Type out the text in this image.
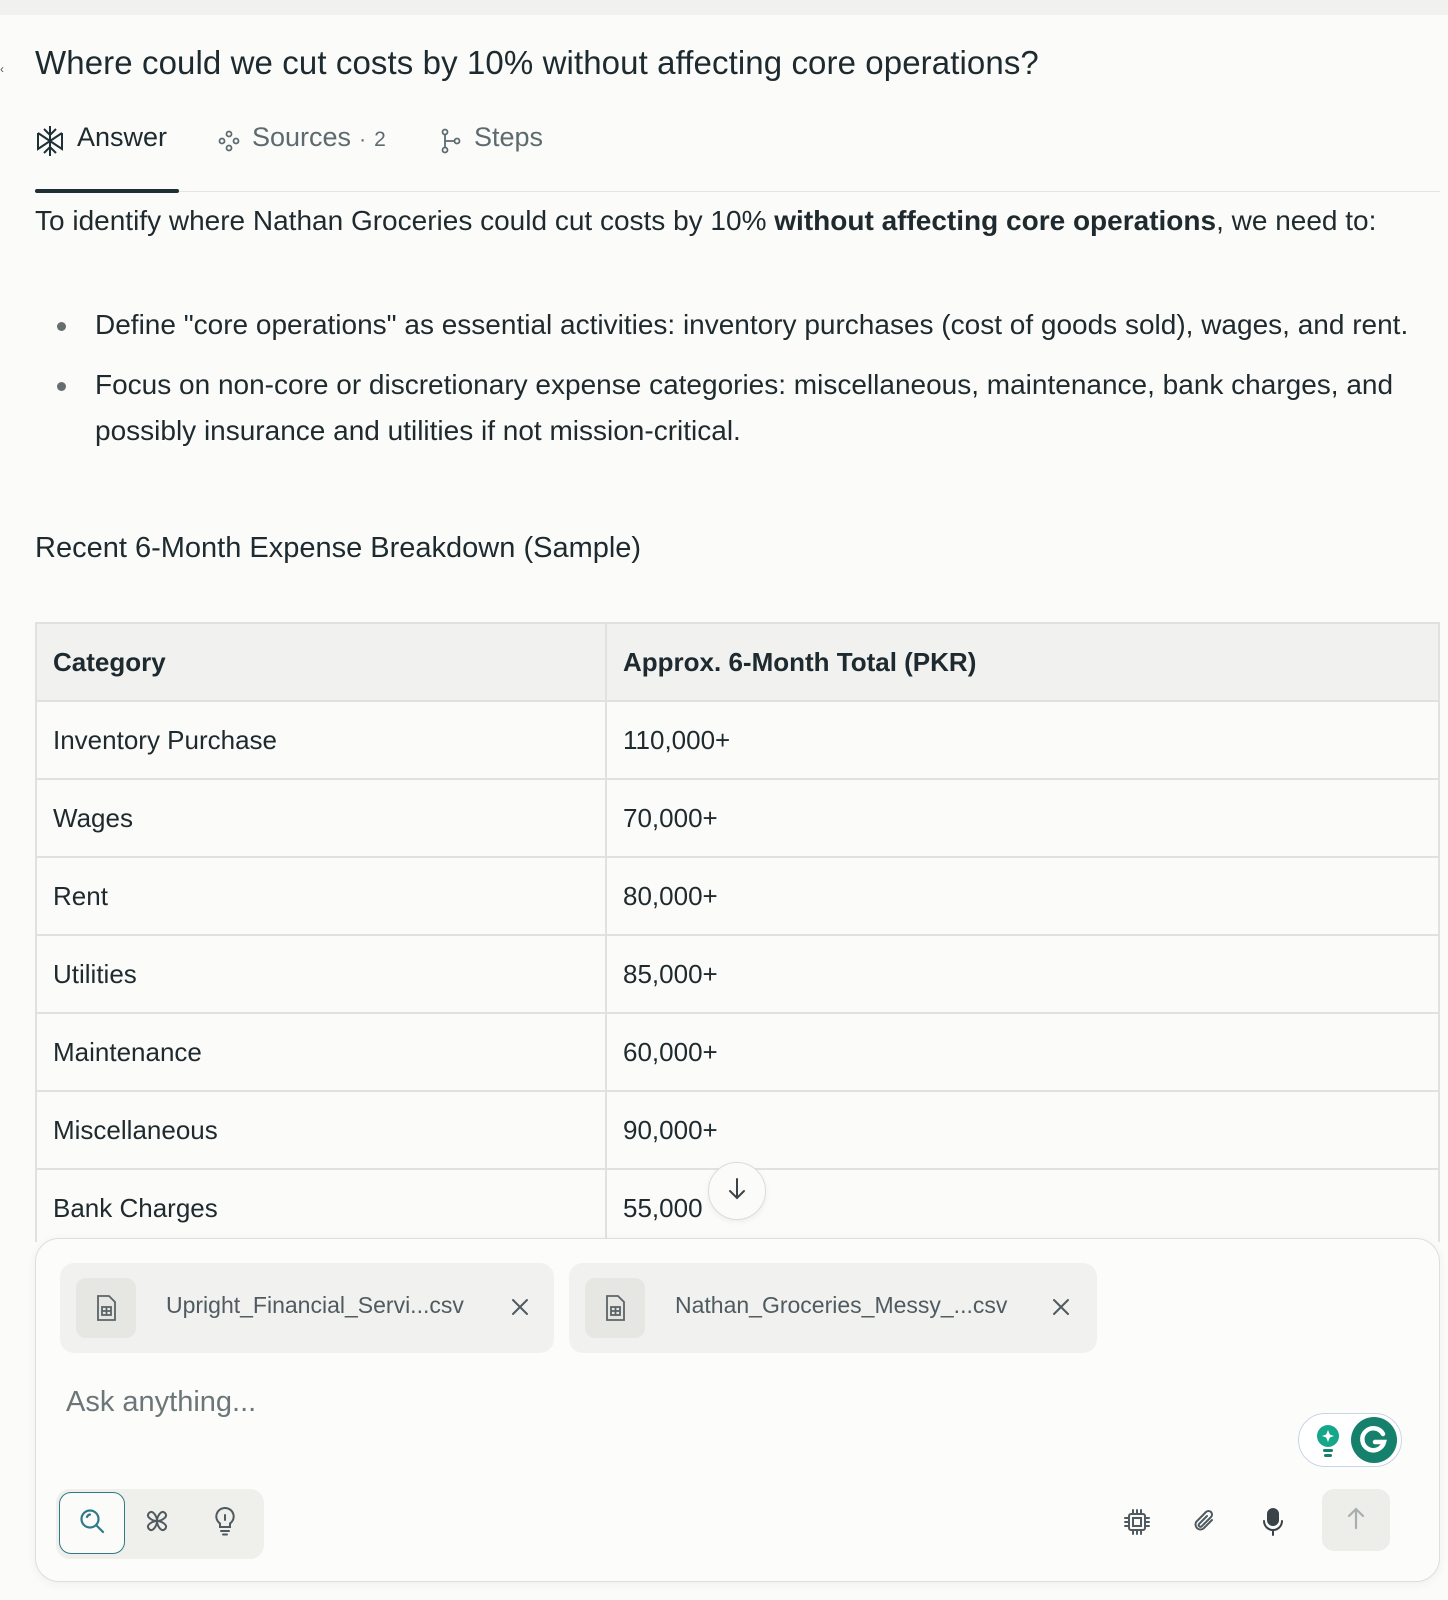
‹ Where could we cut costs by 10% without affecting core operations?
Answer	Sources · 2	Steps

To identify where Nathan Groceries could cut costs by 10% without affecting core operations, we need to:

Define "core operations" as essential activities: inventory purchases (cost of goods sold), wages, and rent.
Focus on non-core or discretionary expense categories: miscellaneous, maintenance, bank charges, and possibly insurance and utilities if not mission-critical.
Recent 6-Month Expense Breakdown (Sample)
Category	Approx. 6-Month Total (PKR)
Inventory Purchase	110,000+
Wages	70,000+
Rent	80,000+
Utilities	85,000+
Maintenance	60,000+
Miscellaneous	90,000+
Bank Charges	55,000
Upright_Financial_Servi...csv	Nathan_Groceries_Messy_...csv
Ask anything...
